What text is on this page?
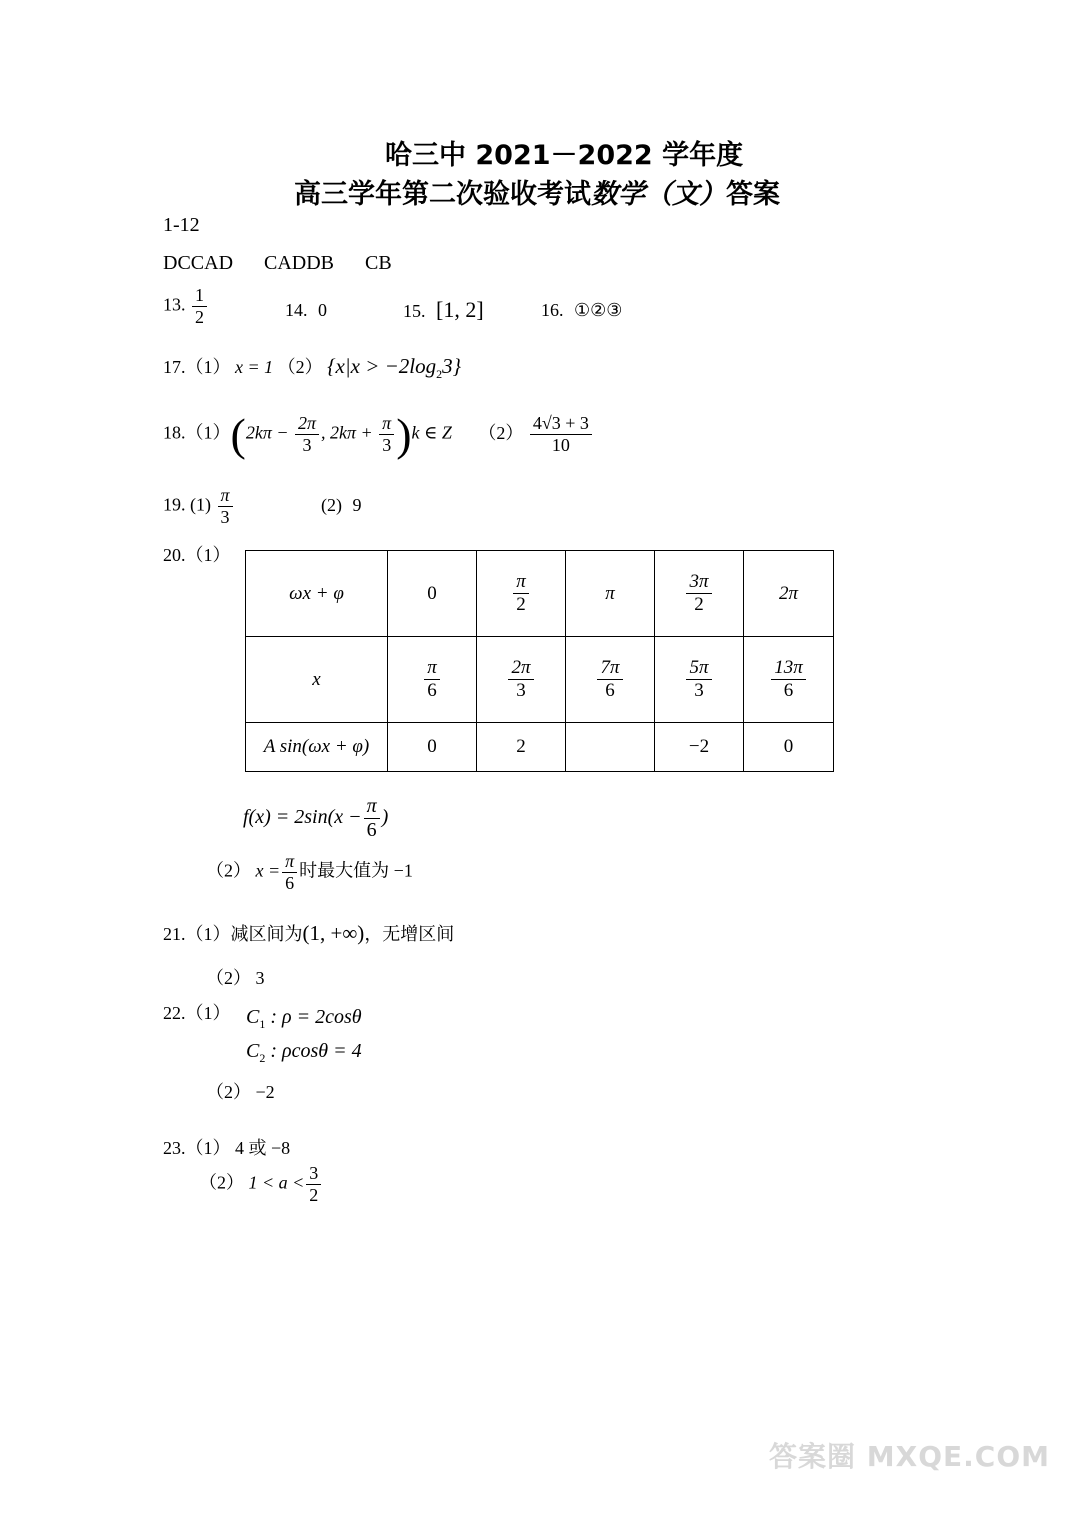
哈三中 2021－2022 学年度
高三学年第二次验收考试数学（文）答案
1-12
DCCAD CADDB CB
13. $\frac{1}{2}$	14. 0	15. [1, 2]	16. ①②③
17.（1） x = 1 （2） $\{x|x > -2\log_23\}$
$18.(1)(2k\pi - \frac{2\pi}{3}$ , $2k\pi + \frac{\pi}{3} )k$ ∈ Z $(2) \frac{4√3 + 3}{10}$
19. $(1) \frac{\pi}{3}$	(2) 9
20.（1）
ωx + φ	0	$\frac{\pi}{2}$	π	$\frac{3\pi}{2}$	2π
x	$\frac{\pi}{6}$	$\frac{2\pi}{3}$	$\frac{7\pi}{6}$	$\frac{5\pi}{3}$	$\frac{13\pi}{6}$

A sin(ωx + φ)	0	2		−2	0
$f(x) = 2\sin(x - \frac{\pi}{6}$ )
（2） $x = \frac{\pi}{6}$ 时最大值为 −1
21.（1）减区间为(1, +∞)，无增区间
（2） 3
22.（1） $C_1$ : ρ = 2cosθ
$C_2$ : ρcosθ = 4
（2） −2
23.（1） 4 或 −8
（2） $1 < a < \frac{3}{2}$
答案圈 MXQE.COM
